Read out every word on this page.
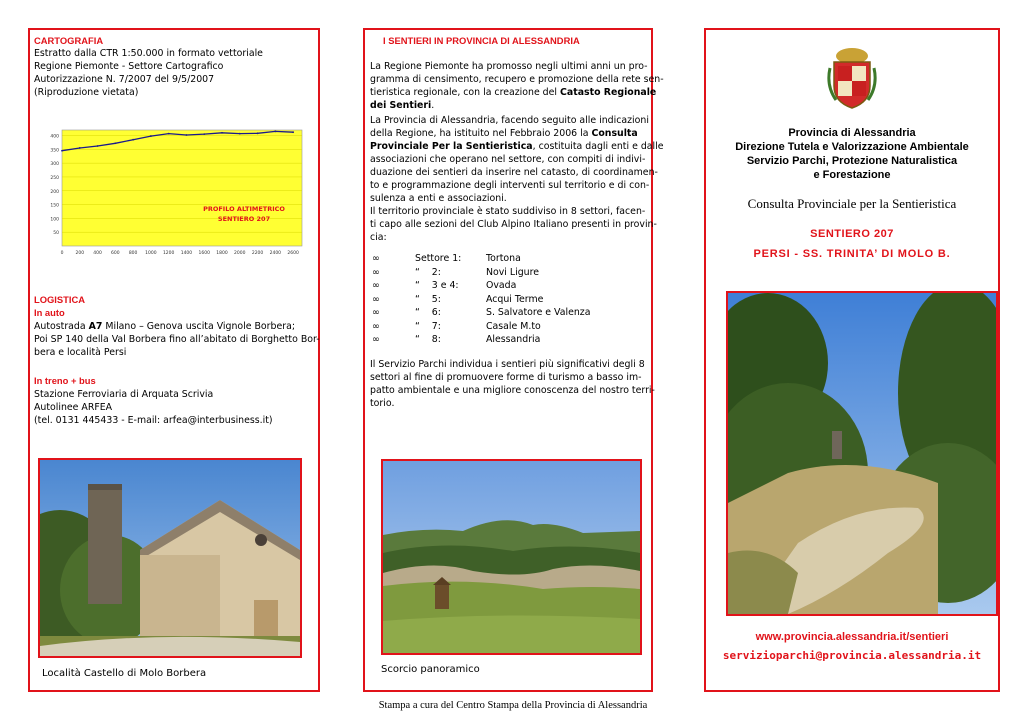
CARTOGRAFIA
Estratto dalla CTR 1:50.000 in formato vettoriale
Regione Piemonte - Settore Cartografico
Autorizzazione N. 7/2007 del 9/5/2007
(Riproduzione vietata)
50
100
150
200
250
300
350
400
0	200 400 600 800 1000 1200 1400 1600 1800 2000 2200 2400 2600
PROFILO ALTIMETRICO
SENTIERO 207
LOGISTICA
In auto
Autostrada A7 Milano – Genova uscita Vignole Borbera;
Poi SP 140 della Val Borbera fino all’abitato di Borghetto Bor-
bera e località Persi
In treno + bus
Stazione Ferroviaria di Arquata Scrivia
Autolinee ARFEA
(tel. 0131 445433 - E-mail: arfea@interbusiness.it)
Località Castello di Molo Borbera
I SENTIERI IN PROVINCIA DI ALESSANDRIA
La Regione Piemonte ha promosso negli ultimi anni un pro-
gramma di censimento, recupero e promozione della rete sen-
tieristica regionale, con la creazione del Catasto Regionale
dei Sentieri.
La Provincia di Alessandria, facendo seguito alle indicazioni
della Regione, ha istituito nel Febbraio 2006 la Consulta
Provinciale Per la Sentieristica, costituita dagli enti e dalle
associazioni che operano nel settore, con compiti di indivi-
duazione dei sentieri da inserire nel catasto, di coordinamen-
to e programmazione degli interventi sul territorio e di con-
sulenza a enti e associazioni.
Il territorio provinciale è stato suddiviso in 8 settori, facen-
ti capo alle sezioni del Club Alpino Italiano presenti in provin-
cia:
∞	Settore 1:	Tortona
∞	“    2:	Novi Ligure
∞	“    3 e 4:	Ovada
∞	“    5:	Acqui Terme
∞	“    6:	S. Salvatore e Valenza
∞	“    7:	Casale M.to
∞	“    8:	Alessandria
Il Servizio Parchi individua i sentieri più significativi degli 8
settori al fine di promuovere forme di turismo a basso im-
patto ambientale e una migliore conoscenza del nostro terri-
torio.
Scorcio panoramico
Provincia di Alessandria
Direzione Tutela e Valorizzazione Ambientale
Servizio Parchi, Protezione Naturalistica
e Forestazione
Consulta Provinciale per la Sentieristica
SENTIERO 207
PERSI - SS. TRINITA’ DI MOLO B.
www.provincia.alessandria.it/sentieri
servizioparchi@provincia.alessandria.it
Stampa a cura del Centro Stampa della Provincia di Alessandria
